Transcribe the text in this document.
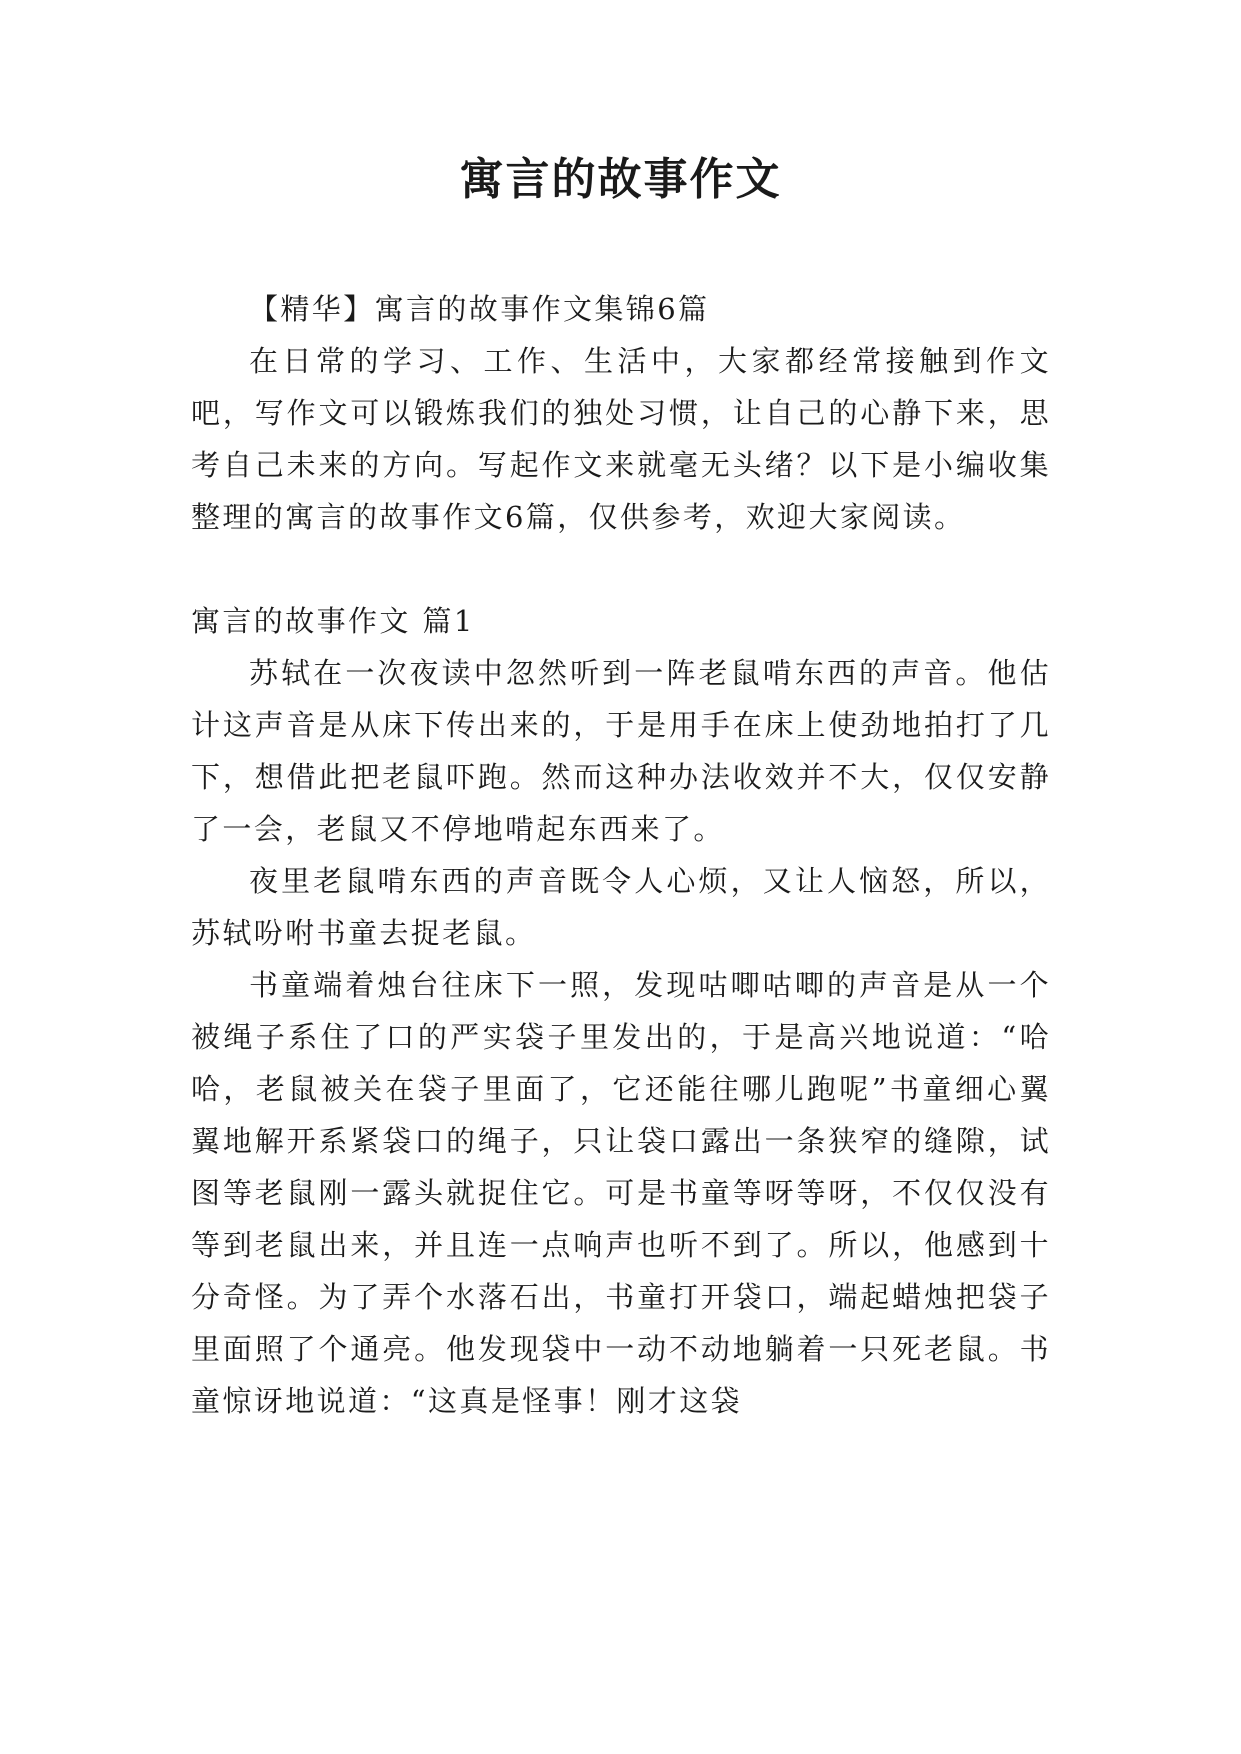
寓言的故事作文

【精华】寓言的故事作文集锦6篇

在日常的学习、工作、生活中，大家都经常接触到作文吧，写作文可以锻炼我们的独处习惯，让自己的心静下来，思考自己未来的方向。写起作文来就毫无头绪？以下是小编收集整理的寓言的故事作文6篇，仅供参考，欢迎大家阅读。

寓言的故事作文 篇1

苏轼在一次夜读中忽然听到一阵老鼠啃东西的声音。他估计这声音是从床下传出来的，于是用手在床上使劲地拍打了几下，想借此把老鼠吓跑。然而这种办法收效并不大，仅仅安静了一会，老鼠又不停地啃起东西来了。

夜里老鼠啃东西的声音既令人心烦，又让人恼怒，所以，苏轼吩咐书童去捉老鼠。

书童端着烛台往床下一照，发现咕唧咕唧的声音是从一个被绳子系住了口的严实袋子里发出的，于是高兴地说道：“哈哈，老鼠被关在袋子里面了，它还能往哪儿跑呢”书童细心翼翼地解开系紧袋口的绳子，只让袋口露出一条狭窄的缝隙，试图等老鼠刚一露头就捉住它。可是书童等呀等呀，不仅仅没有等到老鼠出来，并且连一点响声也听不到了。所以，他感到十分奇怪。为了弄个水落石出，书童打开袋口，端起蜡烛把袋子里面照了个通亮。他发现袋中一动不动地躺着一只死老鼠。书童惊讶地说道：“这真是怪事！刚才这袋
